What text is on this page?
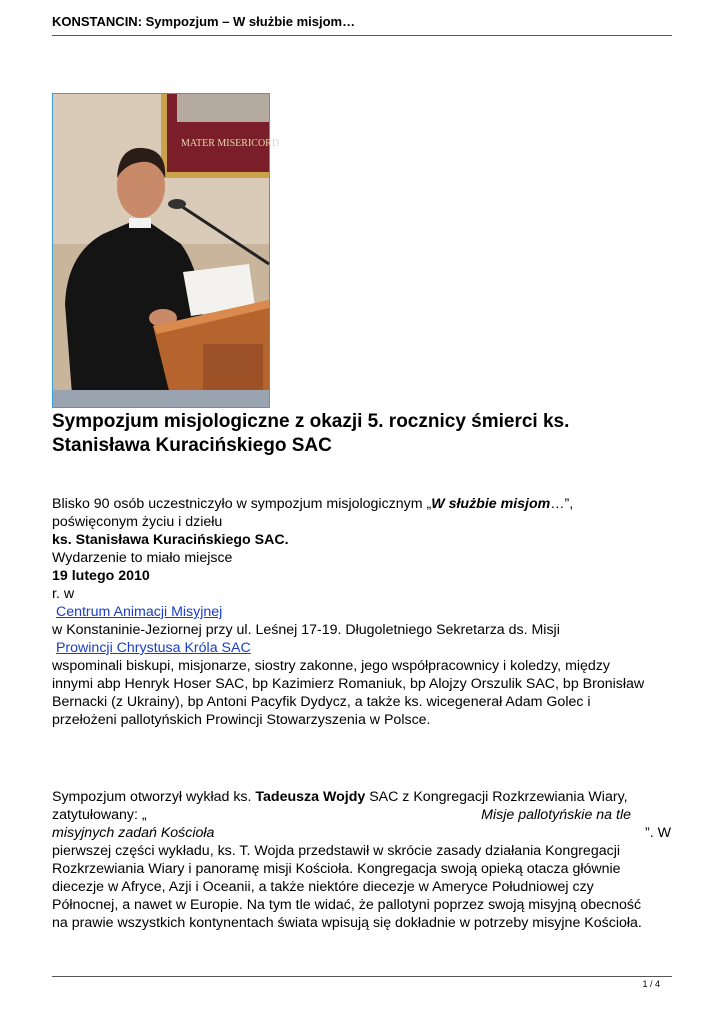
KONSTANCIN: Sympozjum – W służbie misjom…
MATER MISERICORD
Sympozjum misjologiczne z okazji 5. rocznicy śmierci ks.
Stanisława Kuracińskiego SAC
Blisko 90 osób uczestniczyło w sympozjum misjologicznym „W służbie misjom…”,
poświęconym życiu i dziełu
ks. Stanisława Kuracińskiego SAC.
Wydarzenie to miało miejsce
19 lutego 2010
r. w
Centrum Animacji Misyjnej
w Konstaninie-Jeziornej przy ul. Leśnej 17-19. Długoletniego Sekretarza ds. Misji
Prowincji Chrystusa Króla SAC
wspominali biskupi, misjonarze, siostry zakonne, jego współpracownicy i koledzy, między
innymi abp Henryk Hoser SAC, bp Kazimierz Romaniuk, bp Alojzy Orszulik SAC, bp Bronisław
Bernacki (z Ukrainy), bp Antoni Pacyfik Dydycz, a także ks. wicegenerał Adam Golec i
przełożeni pallotyńskich Prowincji Stowarzyszenia w Polsce.
Sympozjum otworzył wykład ks. Tadeusza Wojdy SAC z Kongregacji Rozkrzewiania Wiary,
zatytułowany: „	Misje pallotyńskie na tle
misyjnych zadań Kościoła	”. W
pierwszej części wykładu, ks. T. Wojda przedstawił w skrócie zasady działania Kongregacji
Rozkrzewiania Wiary i panoramę misji Kościoła. Kongregacja swoją opieką otacza głównie
diecezje w Afryce, Azji i Oceanii, a także niektóre diecezje w Ameryce Południowej czy
Północnej, a nawet w Europie. Na tym tle widać, że pallotyni poprzez swoją misyjną obecność
na prawie wszystkich kontynentach świata wpisują się dokładnie w potrzeby misyjne Kościoła.
1 / 4
